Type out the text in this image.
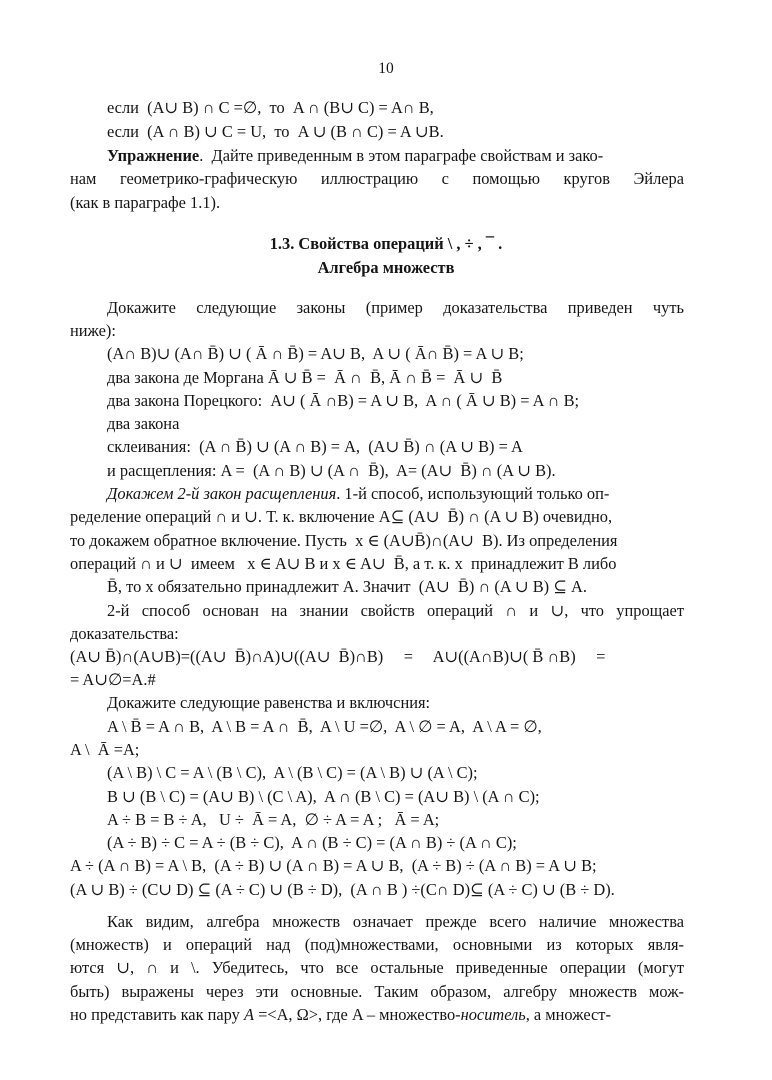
10
если  (A∪ B) ∩ C =∅,  то  A ∩ (B∪ C) = A∩ B,
если  (A ∩ B) ∪ C = U,  то  A ∪ (B ∩ C) = A ∪B.
Упражнение.  Дайте приведенным в этом параграфе свойствам и зако-
нам геометрико-графическую иллюстрацию с помощью кругов Эйлера
(как в параграфе 1.1).
1.3. Свойства операций \ , ÷ , ¯ .
Алгебра множеств
Докажите следующие законы (пример доказательства приведен чуть
ниже):
(A∩ B)∪ (A∩ B̄) ∪ ( Ā ∩ B̄) = A∪ B,  A ∪ ( Ā∩ B̄) = A ∪ B;
два закона де Моргана Ā ∪ B̄ =  Ā ∩  B̄, Ā ∩ B̄ =  Ā ∪  B̄
два закона Порецкого:  A∪ ( Ā ∩B) = A ∪ B,  A ∩ ( Ā ∪ B) = A ∩ B;
два закона
склеивания:  (A ∩ B̄) ∪ (A ∩ B) = A,  (A∪ B̄) ∩ (A ∪ B) = A
и расщепления: A =  (A ∩ B) ∪ (A ∩  B̄),  A= (A∪  B̄) ∩ (A ∪ B).
Докажем 2-й закон расщепления. 1-й способ, использующий только оп-
ределение операций ∩ и ∪. Т. к. включение A⊆ (A∪  B̄) ∩ (A ∪ B) очевидно,
то докажем обратное включение. Пусть  x ∈ (A∪B̄)∩(A∪  B). Из определения
операций ∩ и ∪  имеем   x ∈ A∪ B и x ∈ A∪  B̄, а т. к. x  принадлежит B либо
B̄, то x обязательно принадлежит A. Значит  (A∪  B̄) ∩ (A ∪ B) ⊆ A.
2-й способ основан на знании свойств операций ∩ и ∪, что упрощает
доказательства:
(A∪ B̄)∩(A∪B)=((A∪  B̄)∩A)∪((A∪  B̄)∩B)     =     A∪((A∩B)∪( B̄ ∩B)     =
= A∪∅=A.#
Докажите следующие равенства и включсния:
A \ B̄ = A ∩ B,  A \ B = A ∩  B̄,  A \ U =∅,  A \ ∅ = A,  A \ A = ∅,
A \  Ā =A;
(A \ B) \ C = A \ (B \ C),  A \ (B \ C) = (A \ B) ∪ (A \ C);
B ∪ (B \ C) = (A∪ B) \ (C \ A),  A ∩ (B \ C) = (A∪ B) \ (A ∩ C);
A ÷ B = B ÷ A,   U ÷  Ā = A,  ∅ ÷ A = A ;   Ā = A;
(A ÷ B) ÷ C = A ÷ (B ÷ C),  A ∩ (B ÷ C) = (A ∩ B) ÷ (A ∩ C);
A ÷ (A ∩ B) = A \ B,  (A ÷ B) ∪ (A ∩ B) = A ∪ B,  (A ÷ B) ÷ (A ∩ B) = A ∪ B;
(A ∪ B) ÷ (C∪ D) ⊆ (A ÷ C) ∪ (B ÷ D),  (A ∩ B ) ÷(C∩ D)⊆ (A ÷ C) ∪ (B ÷ D).
Как видим, алгебра множеств означает прежде всего наличие множества
(множеств) и операций над (под)множествами, основными из которых явля-
ются ∪, ∩ и \. Убедитесь, что все остальные приведенные операции (могут
быть) выражены через эти основные. Таким образом, алгебру множеств мож-
но представить как пару A =<A, Ω>, где A – множество-носитель, а множест-
